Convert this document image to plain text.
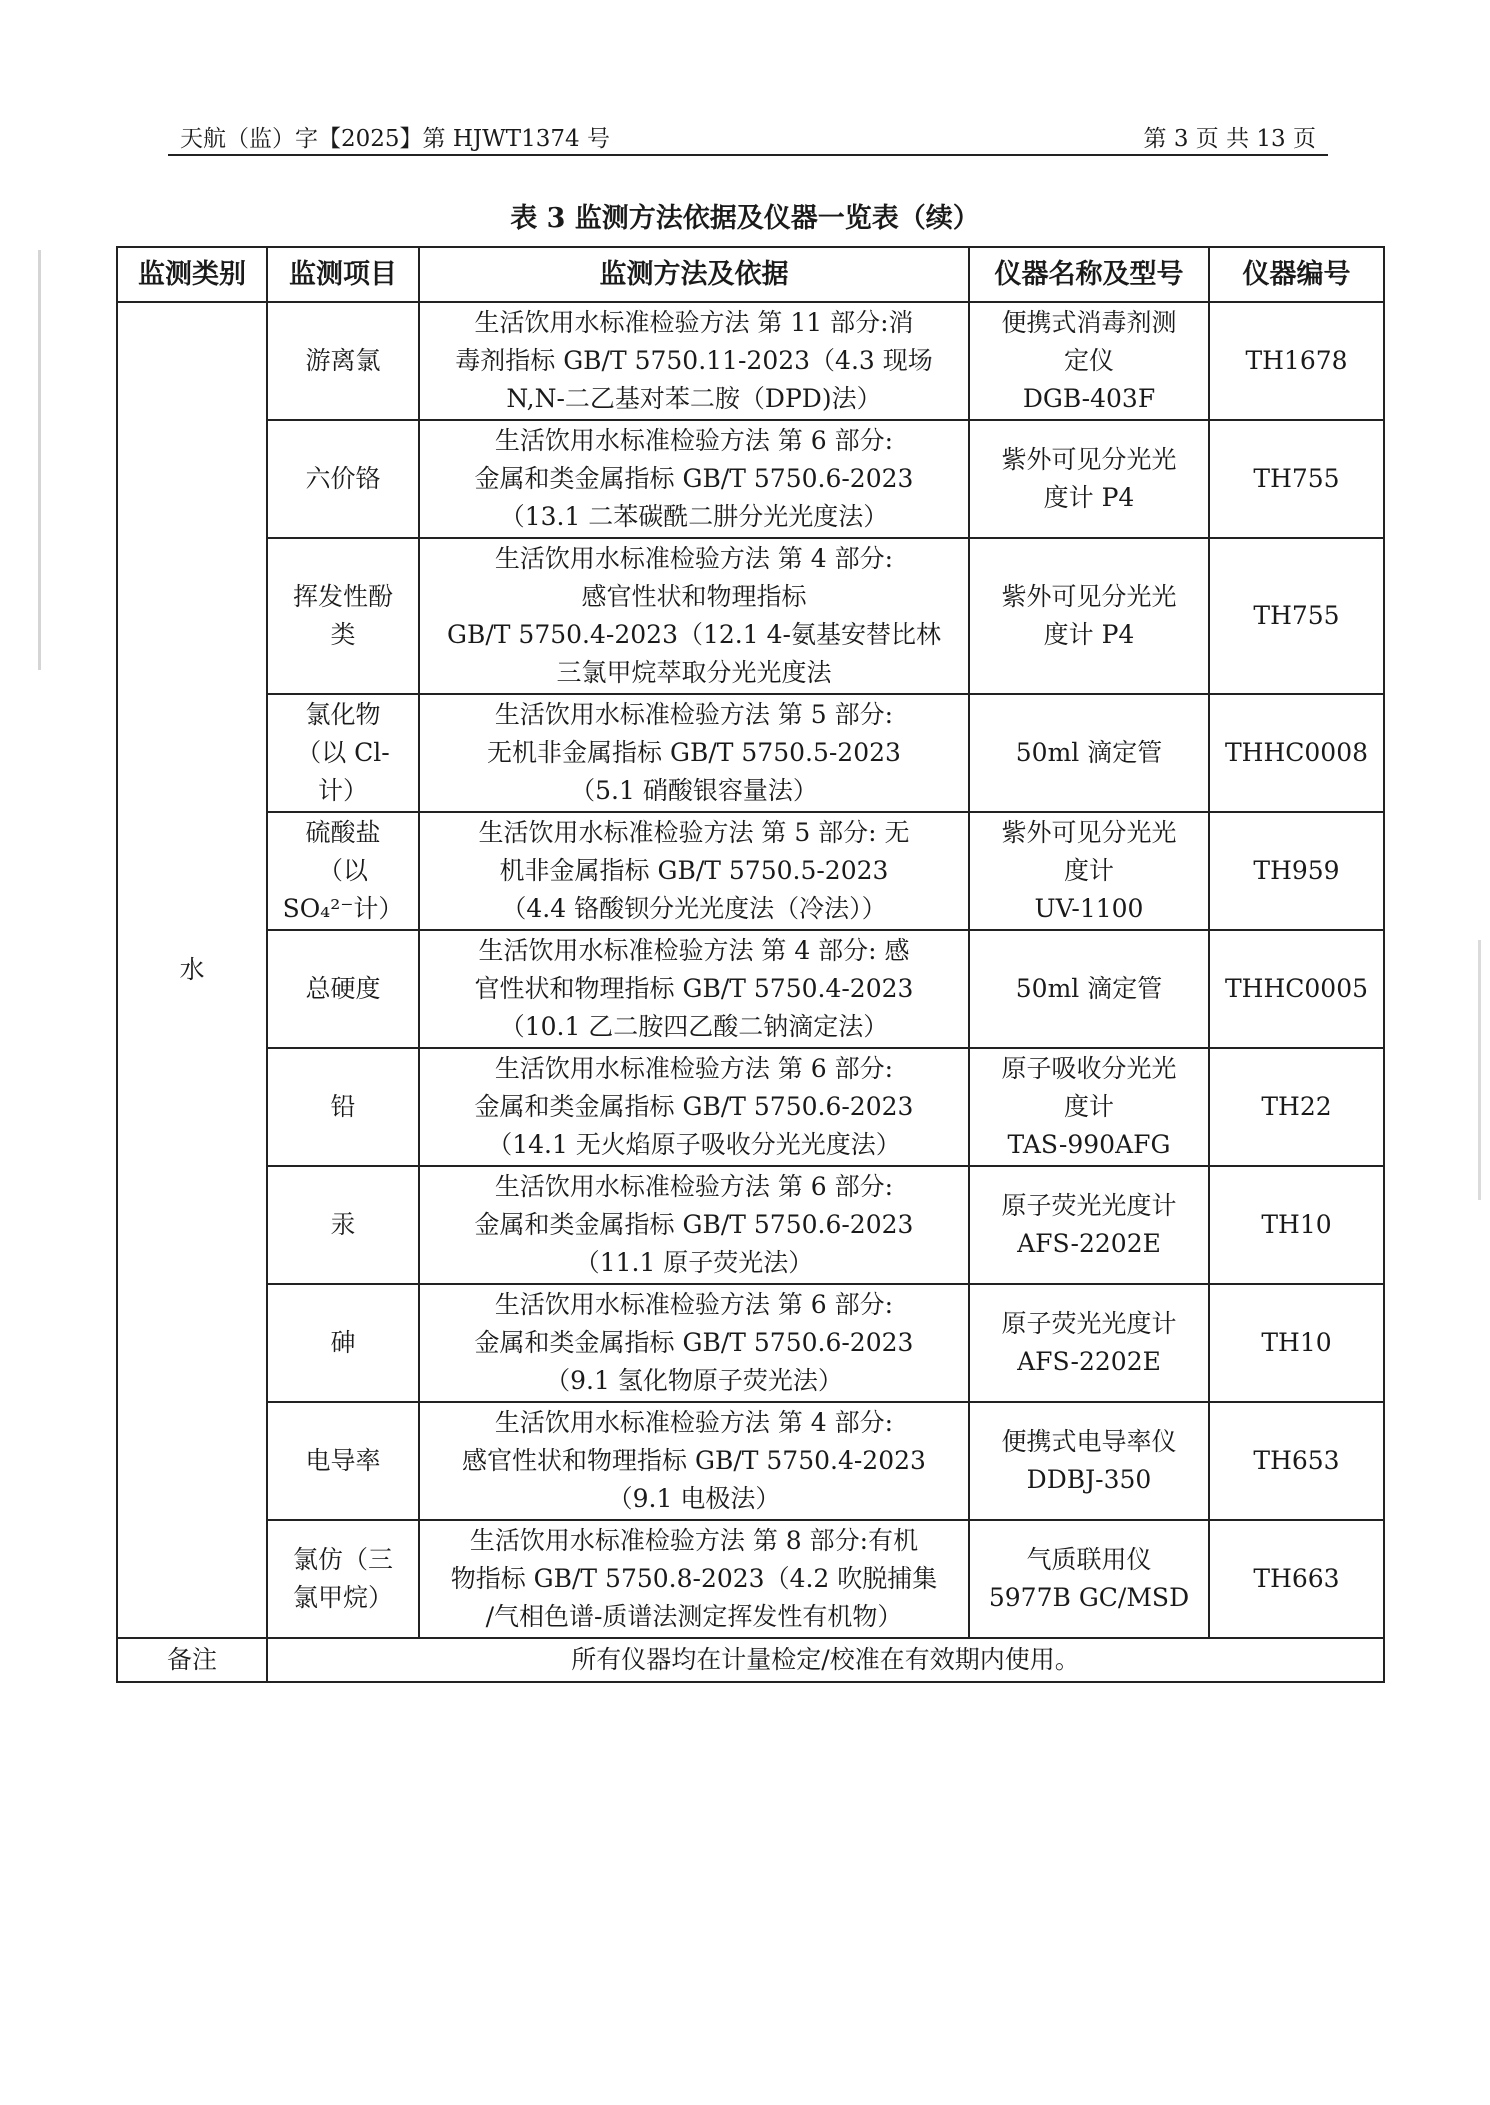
天航（监）字【2025】第 HJWT1374 号	第 3 页 共 13 页
表 3 监测方法依据及仪器一览表（续）
监测类别	监测项目	监测方法及依据	仪器名称及型号	仪器编号
水	游离氯	生活饮用水标准检验方法 第 11 部分:消
毒剂指标 GB/T 5750.11-2023（4.3 现场
N,N-二乙基对苯二胺（DPD)法）	便携式消毒剂测
定仪
DGB-403F	TH1678
	六价铬	生活饮用水标准检验方法 第 6 部分:
金属和类金属指标 GB/T 5750.6-2023
（13.1 二苯碳酰二肼分光光度法）	紫外可见分光光
度计 P4	TH755
	挥发性酚
类	生活饮用水标准检验方法 第 4 部分:
感官性状和物理指标
GB/T 5750.4-2023（12.1 4-氨基安替比林
三氯甲烷萃取分光光度法	紫外可见分光光
度计 P4	TH755
	氯化物
（以 Cl-
计）	生活饮用水标准检验方法 第 5 部分:
无机非金属指标 GB/T 5750.5-2023
（5.1 硝酸银容量法）	50ml 滴定管	THHC0008
	硫酸盐
（以
SO₄²⁻计）	生活饮用水标准检验方法 第 5 部分: 无
机非金属指标 GB/T 5750.5-2023
（4.4 铬酸钡分光光度法（冷法））	紫外可见分光光
度计
UV-1100	TH959
	总硬度	生活饮用水标准检验方法 第 4 部分: 感
官性状和物理指标 GB/T 5750.4-2023
（10.1 乙二胺四乙酸二钠滴定法）	50ml 滴定管	THHC0005
	铅	生活饮用水标准检验方法 第 6 部分:
金属和类金属指标 GB/T 5750.6-2023
（14.1 无火焰原子吸收分光光度法）	原子吸收分光光
度计
TAS-990AFG	TH22
	汞	生活饮用水标准检验方法 第 6 部分:
金属和类金属指标 GB/T 5750.6-2023
（11.1 原子荧光法）	原子荧光光度计
AFS-2202E	TH10
	砷	生活饮用水标准检验方法 第 6 部分:
金属和类金属指标 GB/T 5750.6-2023
（9.1 氢化物原子荧光法）	原子荧光光度计
AFS-2202E	TH10
	电导率	生活饮用水标准检验方法 第 4 部分:
感官性状和物理指标 GB/T 5750.4-2023
（9.1 电极法）	便携式电导率仪
DDBJ-350	TH653
	氯仿（三
氯甲烷）	生活饮用水标准检验方法 第 8 部分:有机
物指标 GB/T 5750.8-2023（4.2 吹脱捕集
/气相色谱-质谱法测定挥发性有机物）	气质联用仪
5977B GC/MSD	TH663
备注	所有仪器均在计量检定/校准在有效期内使用。			
